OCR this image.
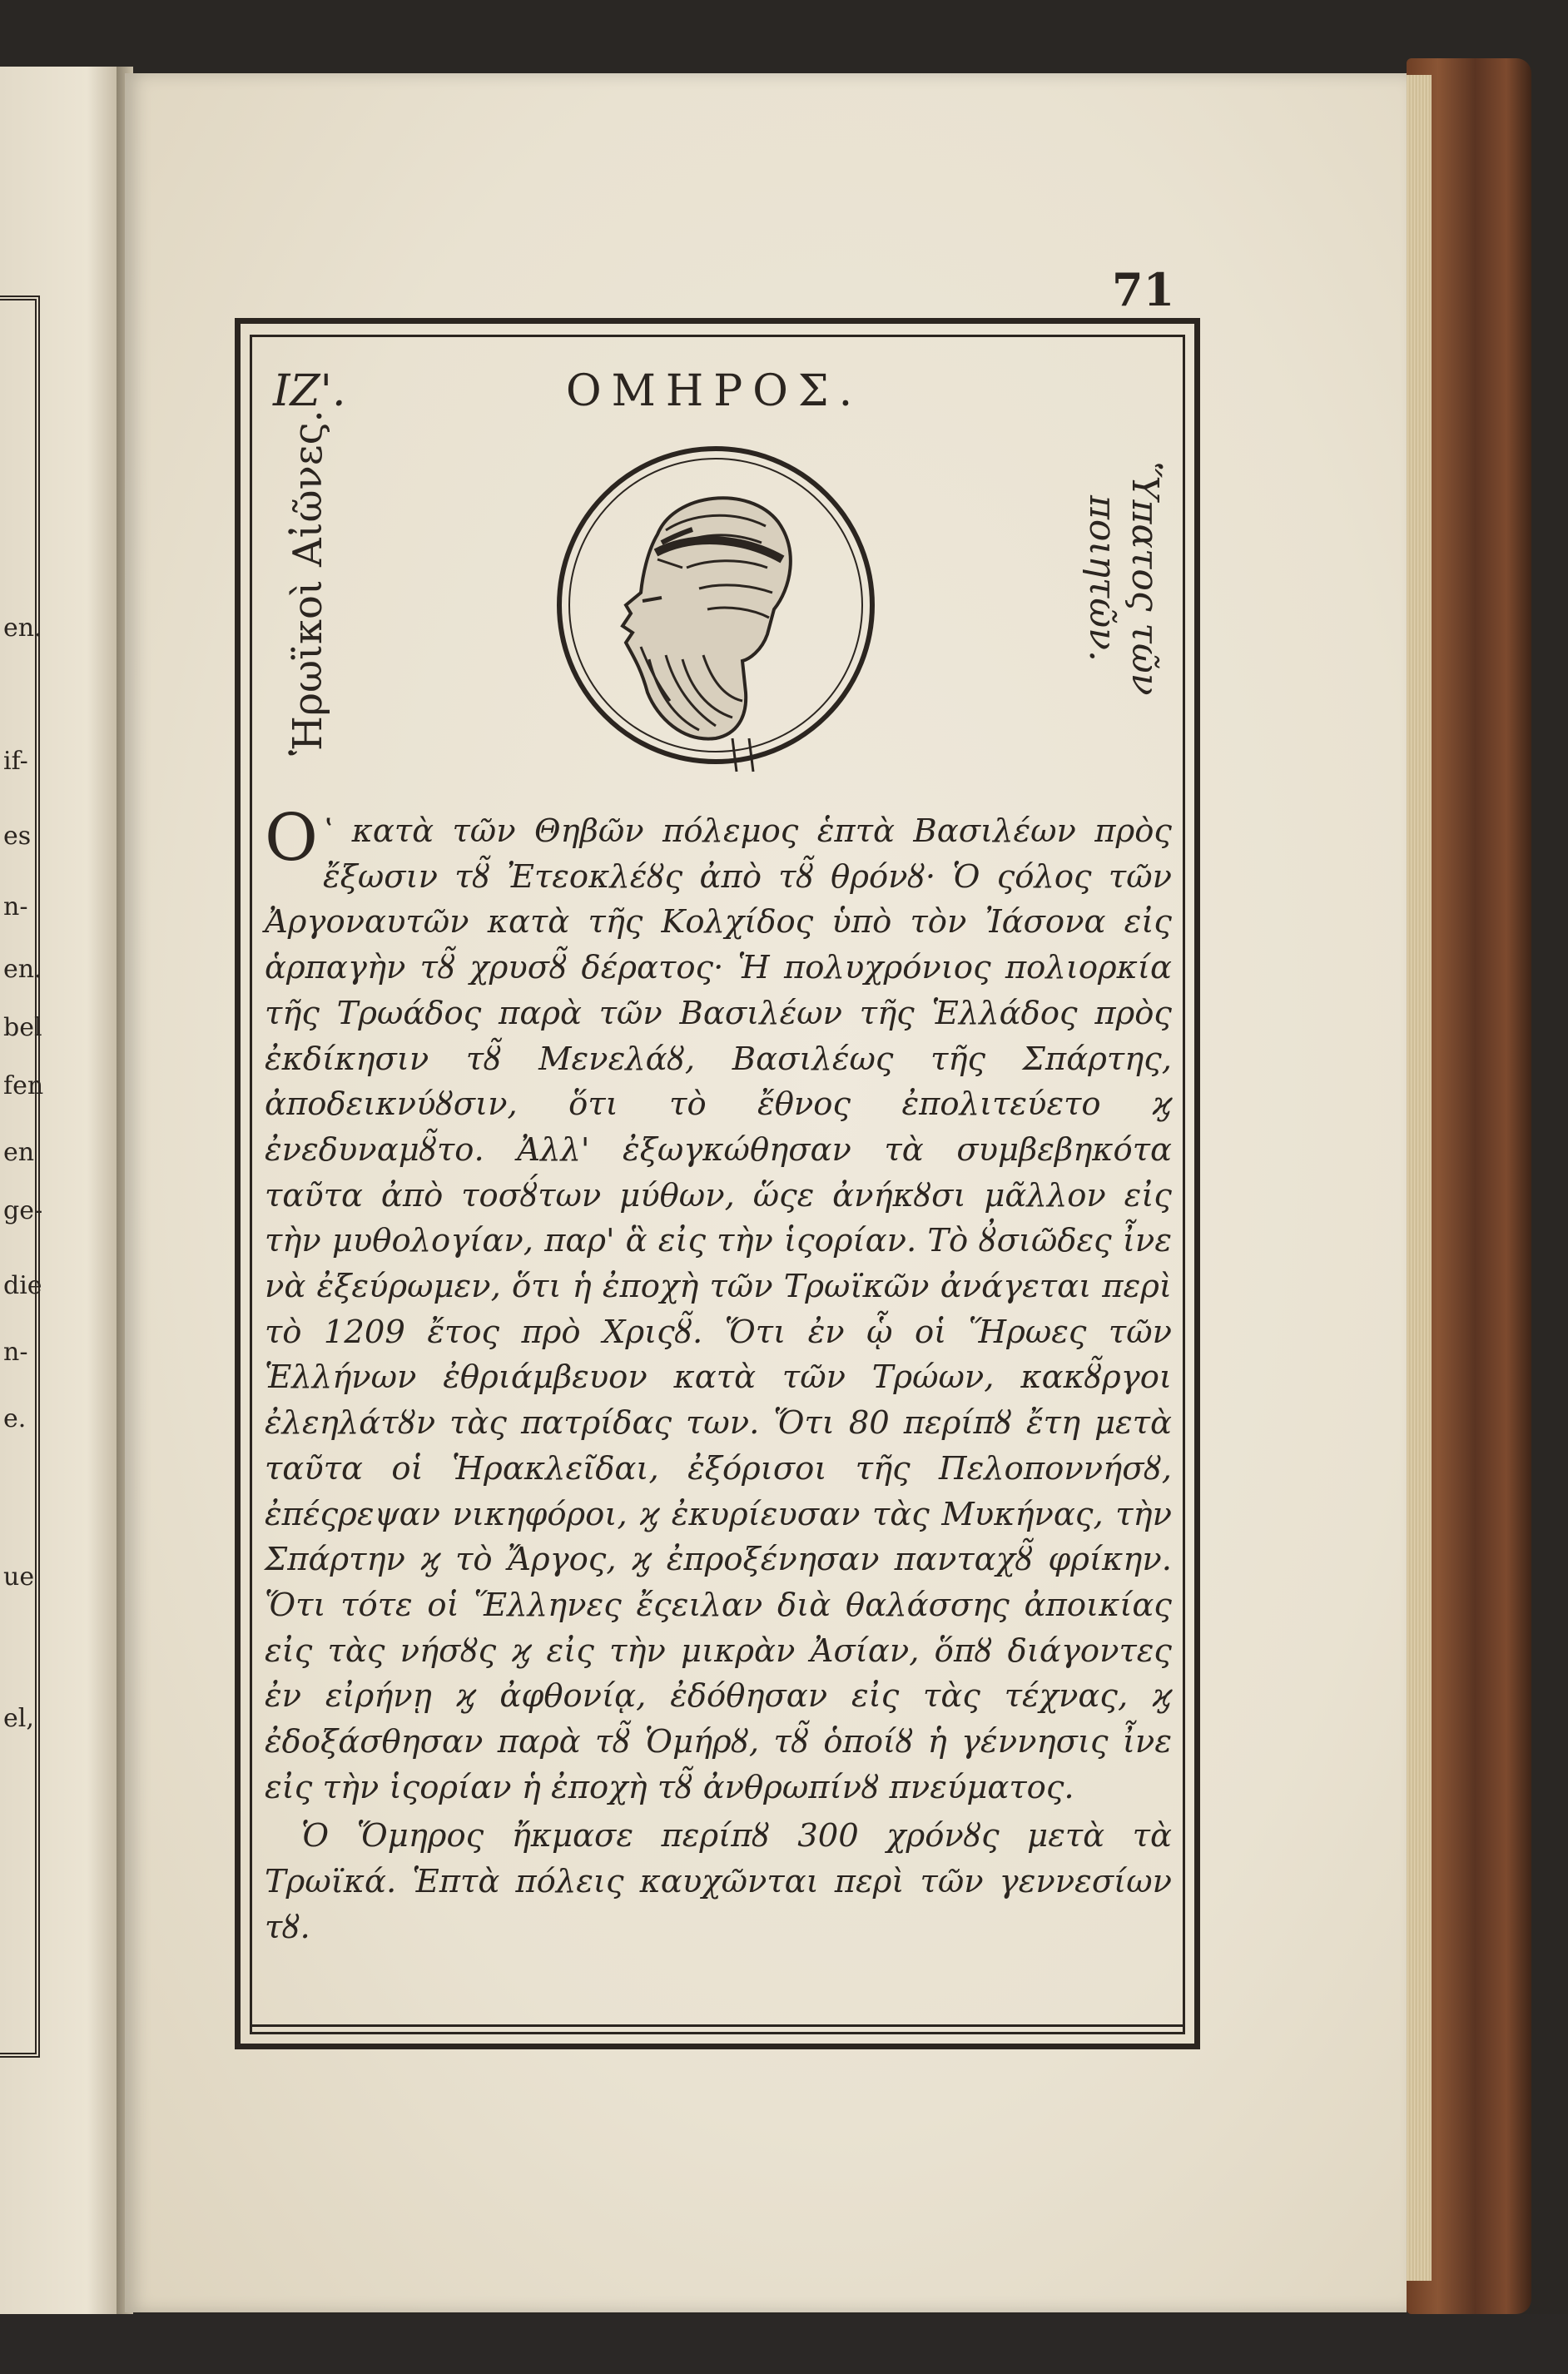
en.
if-
es
n-
en.
bel
fen
en
ge-
die
n-
e.
ue
el,
71
IZ'.	ΟΜΗΡΟΣ.
Ἡρωϊκοὶ Αἰῶνες.	Ὕπατος τῶν
ποιητῶν.

Ο ʽ κατὰ τῶν Θηβῶν πόλεμος ἑπτὰ Βασιλέων πρὸς ἔξωσιν τȣ̃ Ἐτεοκλέȣς ἀπὸ τȣ̃ θρόνȣ· Ὁ ςόλος τῶν Ἀργοναυτῶν κατὰ τῆς Κολχίδος ὑπὸ τὸν Ἰάσονα εἰς ἁρπαγὴν τȣ̃ χρυσȣ̃ δέρατος· Ἡ πολυχρόνιος πολιορκία τῆς Τρωάδος παρὰ τῶν Βασιλέων τῆς Ἑλλάδος πρὸς ἐκδίκησιν τȣ̃ Μενελάȣ, Βασιλέως τῆς Σπάρτης, ἀποδεικνύȣσιν, ὅτι τὸ ἔθνος ἐπολιτεύετο ϗ ἐνεδυναμȣ̃το. Ἀλλ' ἐξωγκώθησαν τὰ συμβεβηκότα ταῦτα ἀπὸ τοσȣ́των μύθων, ὥςε ἀνήκȣσι μᾶλλον εἰς τὴν μυθολογίαν, παρ' ἃ εἰς τὴν ἱςορίαν. Τὸ ȣ̓σιῶδες ἶνε νὰ ἐξεύρωμεν, ὅτι ἡ ἐποχὴ τῶν Τρωϊκῶν ἀνάγεται περὶ τὸ 1209 ἔτος πρὸ Χριςȣ̃. Ὅτι ἐν ᾧ οἱ Ἥρωες τῶν Ἑλλήνων ἐθριάμβευον κατὰ τῶν Τρώων, κακȣ̃ργοι ἐλεηλάτȣν τὰς πατρίδας των. Ὅτι 80 περίπȣ ἔτη μετὰ ταῦτα οἱ Ἡρακλεῖδαι, ἐξόρισοι τῆς Πελοποννήσȣ, ἐπέςρεψαν νικηφόροι, ϗ ἐκυρίευσαν τὰς Μυκήνας, τὴν Σπάρτην ϗ τὸ Ἄργος, ϗ ἐπροξένησαν πανταχȣ̃ φρίκην. Ὅτι τότε οἱ Ἕλληνες ἔςειλαν διὰ θαλάσσης ἀποικίας εἰς τὰς νήσȣς ϗ εἰς τὴν μικρὰν Ἀσίαν, ὅπȣ διάγοντες ἐν εἰρήνῃ ϗ ἀφθονίᾳ, ἐδόθησαν εἰς τὰς τέχνας, ϗ ἐδοξάσθησαν παρὰ τȣ̃ Ὁμήρȣ, τȣ̃ ὁποίȣ ἡ γέννησις ἶνε εἰς τὴν ἱςορίαν ἡ ἐποχὴ τȣ̃ ἀνθρωπίνȣ πνεύματος.

Ὁ Ὅμηρος ἤκμασε περίπȣ 300 χρόνȣς μετὰ τὰ Τρωϊκά. Ἑπτὰ πόλεις καυχῶνται περὶ τῶν γεννεσίων τȣ.
